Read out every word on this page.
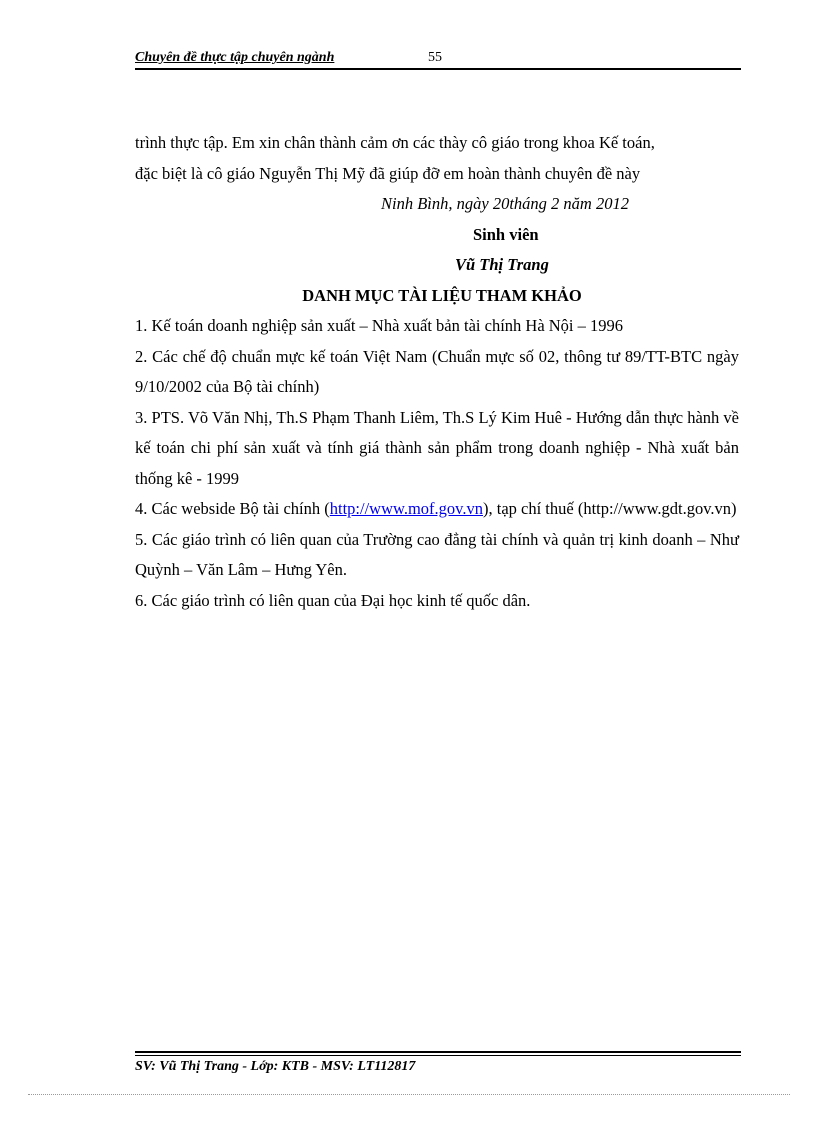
Chuyên đề thực tập chuyên ngành	55

trình thực tập. Em xin chân thành cảm ơn các thày cô giáo trong khoa Kế toán,

đặc biệt là cô giáo Nguyễn Thị Mỹ đã giúp đỡ em hoàn thành chuyên đề này

Ninh Bình, ngày 20tháng 2 năm 2012

Sinh viên

Vũ Thị Trang

DANH MỤC TÀI LIỆU THAM KHẢO

1. Kế toán doanh nghiệp sản xuất – Nhà xuất bản tài chính Hà Nội – 1996

2. Các chế độ chuẩn mực kế toán Việt Nam (Chuẩn mực số 02, thông tư 89/TT-BTC ngày 9/10/2002 của Bộ tài chính)

3. PTS. Võ Văn Nhị, Th.S Phạm Thanh Liêm, Th.S Lý Kim Huê - Hướng dẫn thực hành về kế toán chi phí sản xuất và tính giá thành sản phẩm trong doanh nghiệp - Nhà xuất bản thống kê - 1999

4. Các webside Bộ tài chính (http://www.mof.gov.vn), tạp chí thuế (http://www.gdt.gov.vn)

5. Các giáo trình có liên quan của Trường cao đẳng tài chính và quản trị kinh doanh – Như Quỳnh – Văn Lâm – Hưng Yên.

6. Các giáo trình có liên quan của Đại học kinh tế quốc dân.

SV: Vũ Thị Trang - Lớp: KTB - MSV: LT112817
